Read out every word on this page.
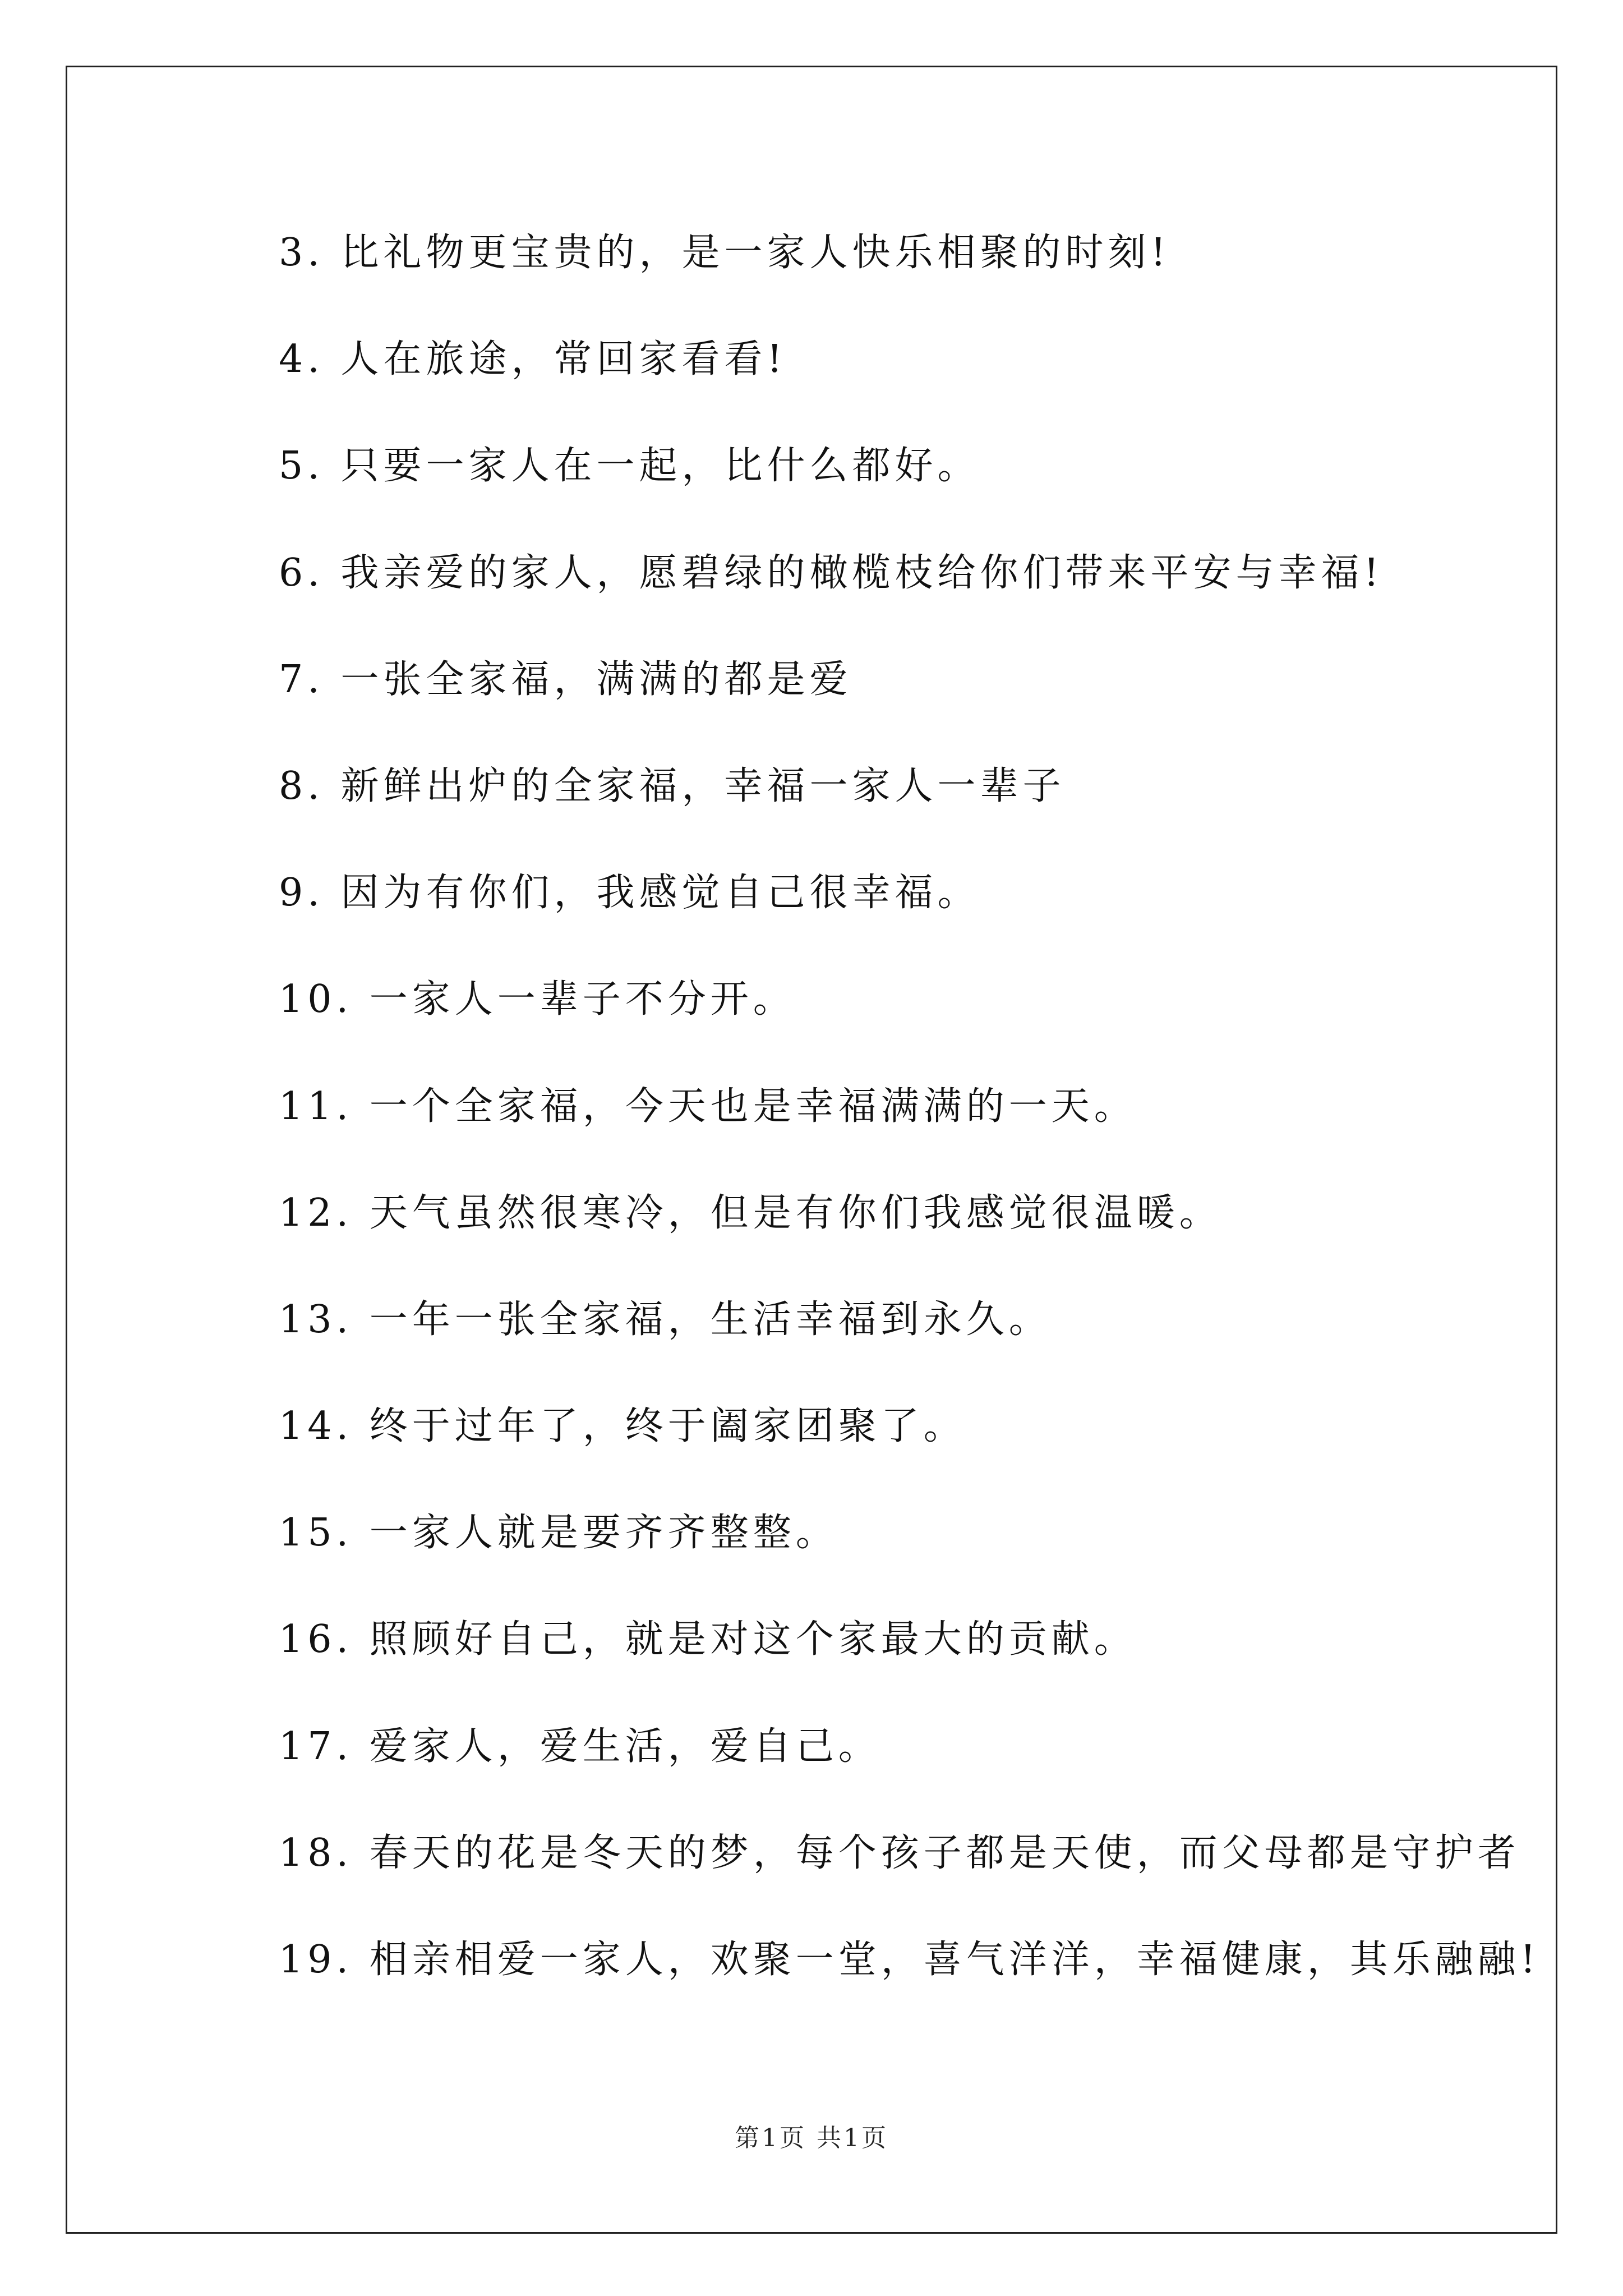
3. 比礼物更宝贵的，是一家人快乐相聚的时刻!
4. 人在旅途，常回家看看!
5. 只要一家人在一起，比什么都好。
6. 我亲爱的家人，愿碧绿的橄榄枝给你们带来平安与幸福!
7. 一张全家福，满满的都是爱
8. 新鲜出炉的全家福，幸福一家人一辈子
9. 因为有你们，我感觉自己很幸福。
10. 一家人一辈子不分开。
11. 一个全家福，今天也是幸福满满的一天。
12. 天气虽然很寒冷，但是有你们我感觉很温暖。
13. 一年一张全家福，生活幸福到永久。
14. 终于过年了，终于阖家团聚了。
15. 一家人就是要齐齐整整。
16. 照顾好自己，就是对这个家最大的贡献。
17. 爱家人，爱生活，爱自己。
18. 春天的花是冬天的梦，每个孩子都是天使，而父母都是守护者
19. 相亲相爱一家人，欢聚一堂，喜气洋洋，幸福健康，其乐融融!
第1页 共1页
